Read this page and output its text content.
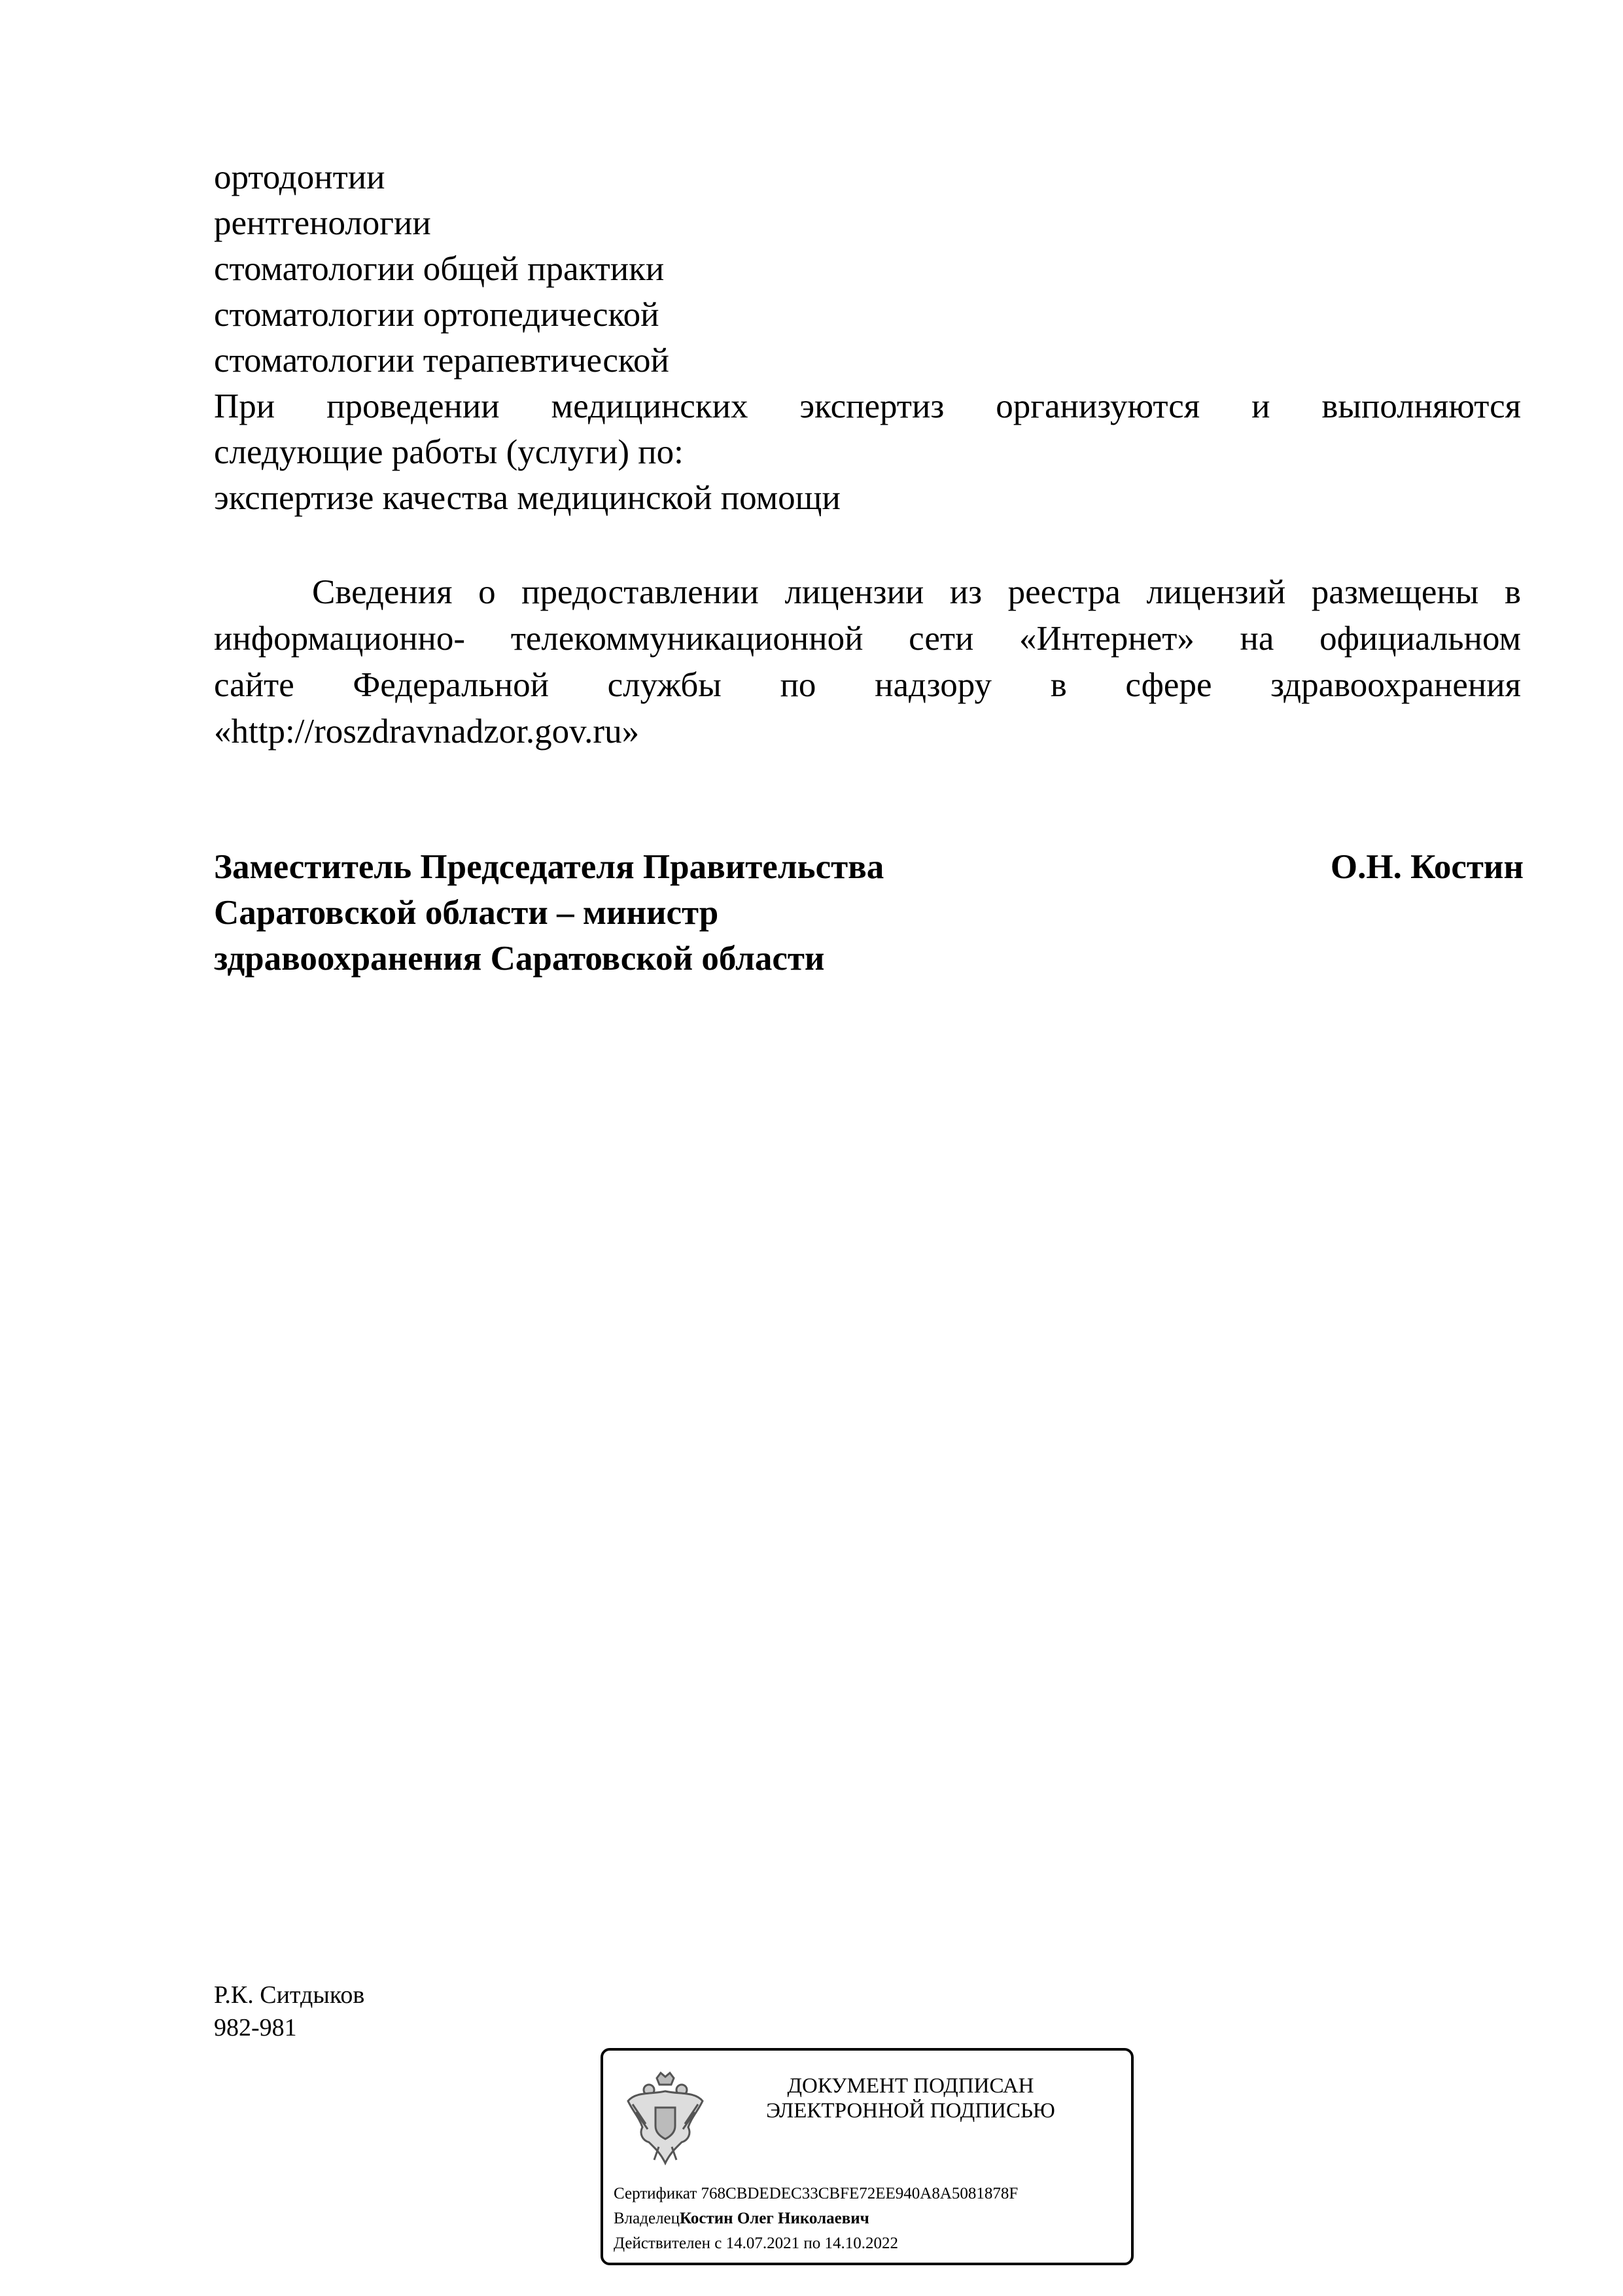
ортодонтии
рентгенологии
стоматологии общей практики
стоматологии ортопедической
стоматологии терапевтической
При проведении медицинских экспертиз организуются и выполняются
следующие работы (услуги) по:
экспертизе качества медицинской помощи
Сведения о предоставлении лицензии из реестра лицензий размещены в
информационно- телекоммуникационной сети «Интернет» на официальном
сайте Федеральной службы по надзору в сфере здравоохранения
«http://roszdravnadzor.gov.ru»
Заместитель Председателя Правительства
Саратовской области – министр
здравоохранения Саратовской области
О.Н. Костин
Р.К. Ситдыков
982-981
ДОКУМЕНТ ПОДПИСАН
ЭЛЕКТРОННОЙ ПОДПИСЬЮ
Сертификат 768CBDEDEC33CBFE72EE940A8A5081878F
ВладелецКостин Олег Николаевич
Действителен с 14.07.2021 по 14.10.2022
